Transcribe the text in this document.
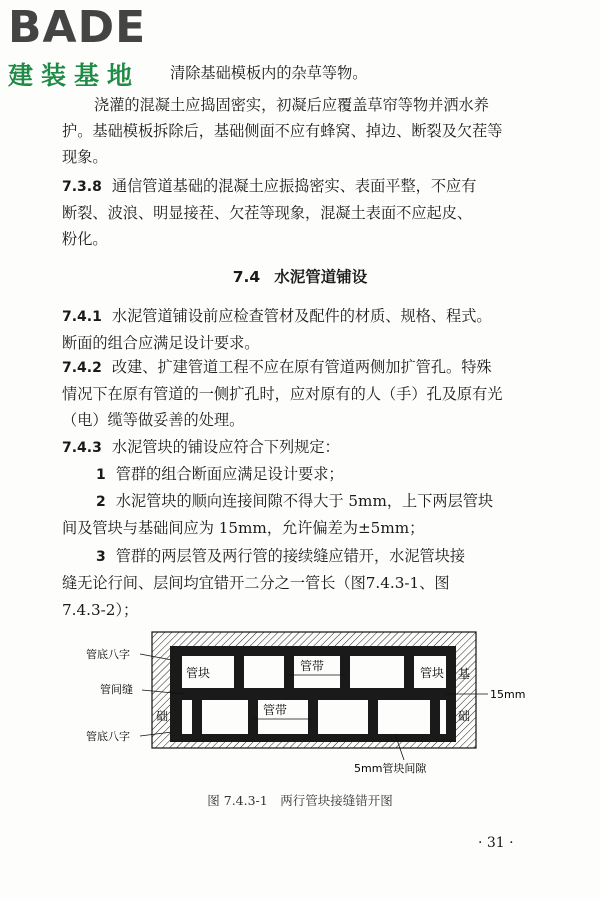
BADE
建装基地 清除基础模板内的杂草等物。
浇灌的混凝土应捣固密实，初凝后应覆盖草帘等物并洒水养
护。基础模板拆除后，基础侧面不应有蜂窝、掉边、断裂及欠茬等
现象。
7.3.8 通信管道基础的混凝土应振捣密实、表面平整，不应有
断裂、波浪、明显接茬、欠茬等现象，混凝土表面不应起皮、
粉化。
7.4 水泥管道铺设
7.4.1 水泥管道铺设前应检查管材及配件的材质、规格、程式。
断面的组合应满足设计要求。
7.4.2 改建、扩建管道工程不应在原有管道两侧加扩管孔。特殊
情况下在原有管道的一侧扩孔时，应对原有的人（手）孔及原有光
（电）缆等做妥善的处理。
7.4.3 水泥管块的铺设应符合下列规定：
1 管群的组合断面应满足设计要求；
2 水泥管块的顺向连接间隙不得大于 5mm，上下两层管块
间及管块与基础间应为 15mm，允许偏差为±5mm；
3 管群的两层管及两行管的接续缝应错开，水泥管块接
缝无论行间、层间均宜错开二分之一管长（图7.4.3-1、图
7.4.3-2）；
管块	管带	管块
管带
基
础
础
管底八字
管间缝
管底八字
15mm
5mm管块间隙
图 7.4.3-1　两行管块接缝错开图
· 31 ·
